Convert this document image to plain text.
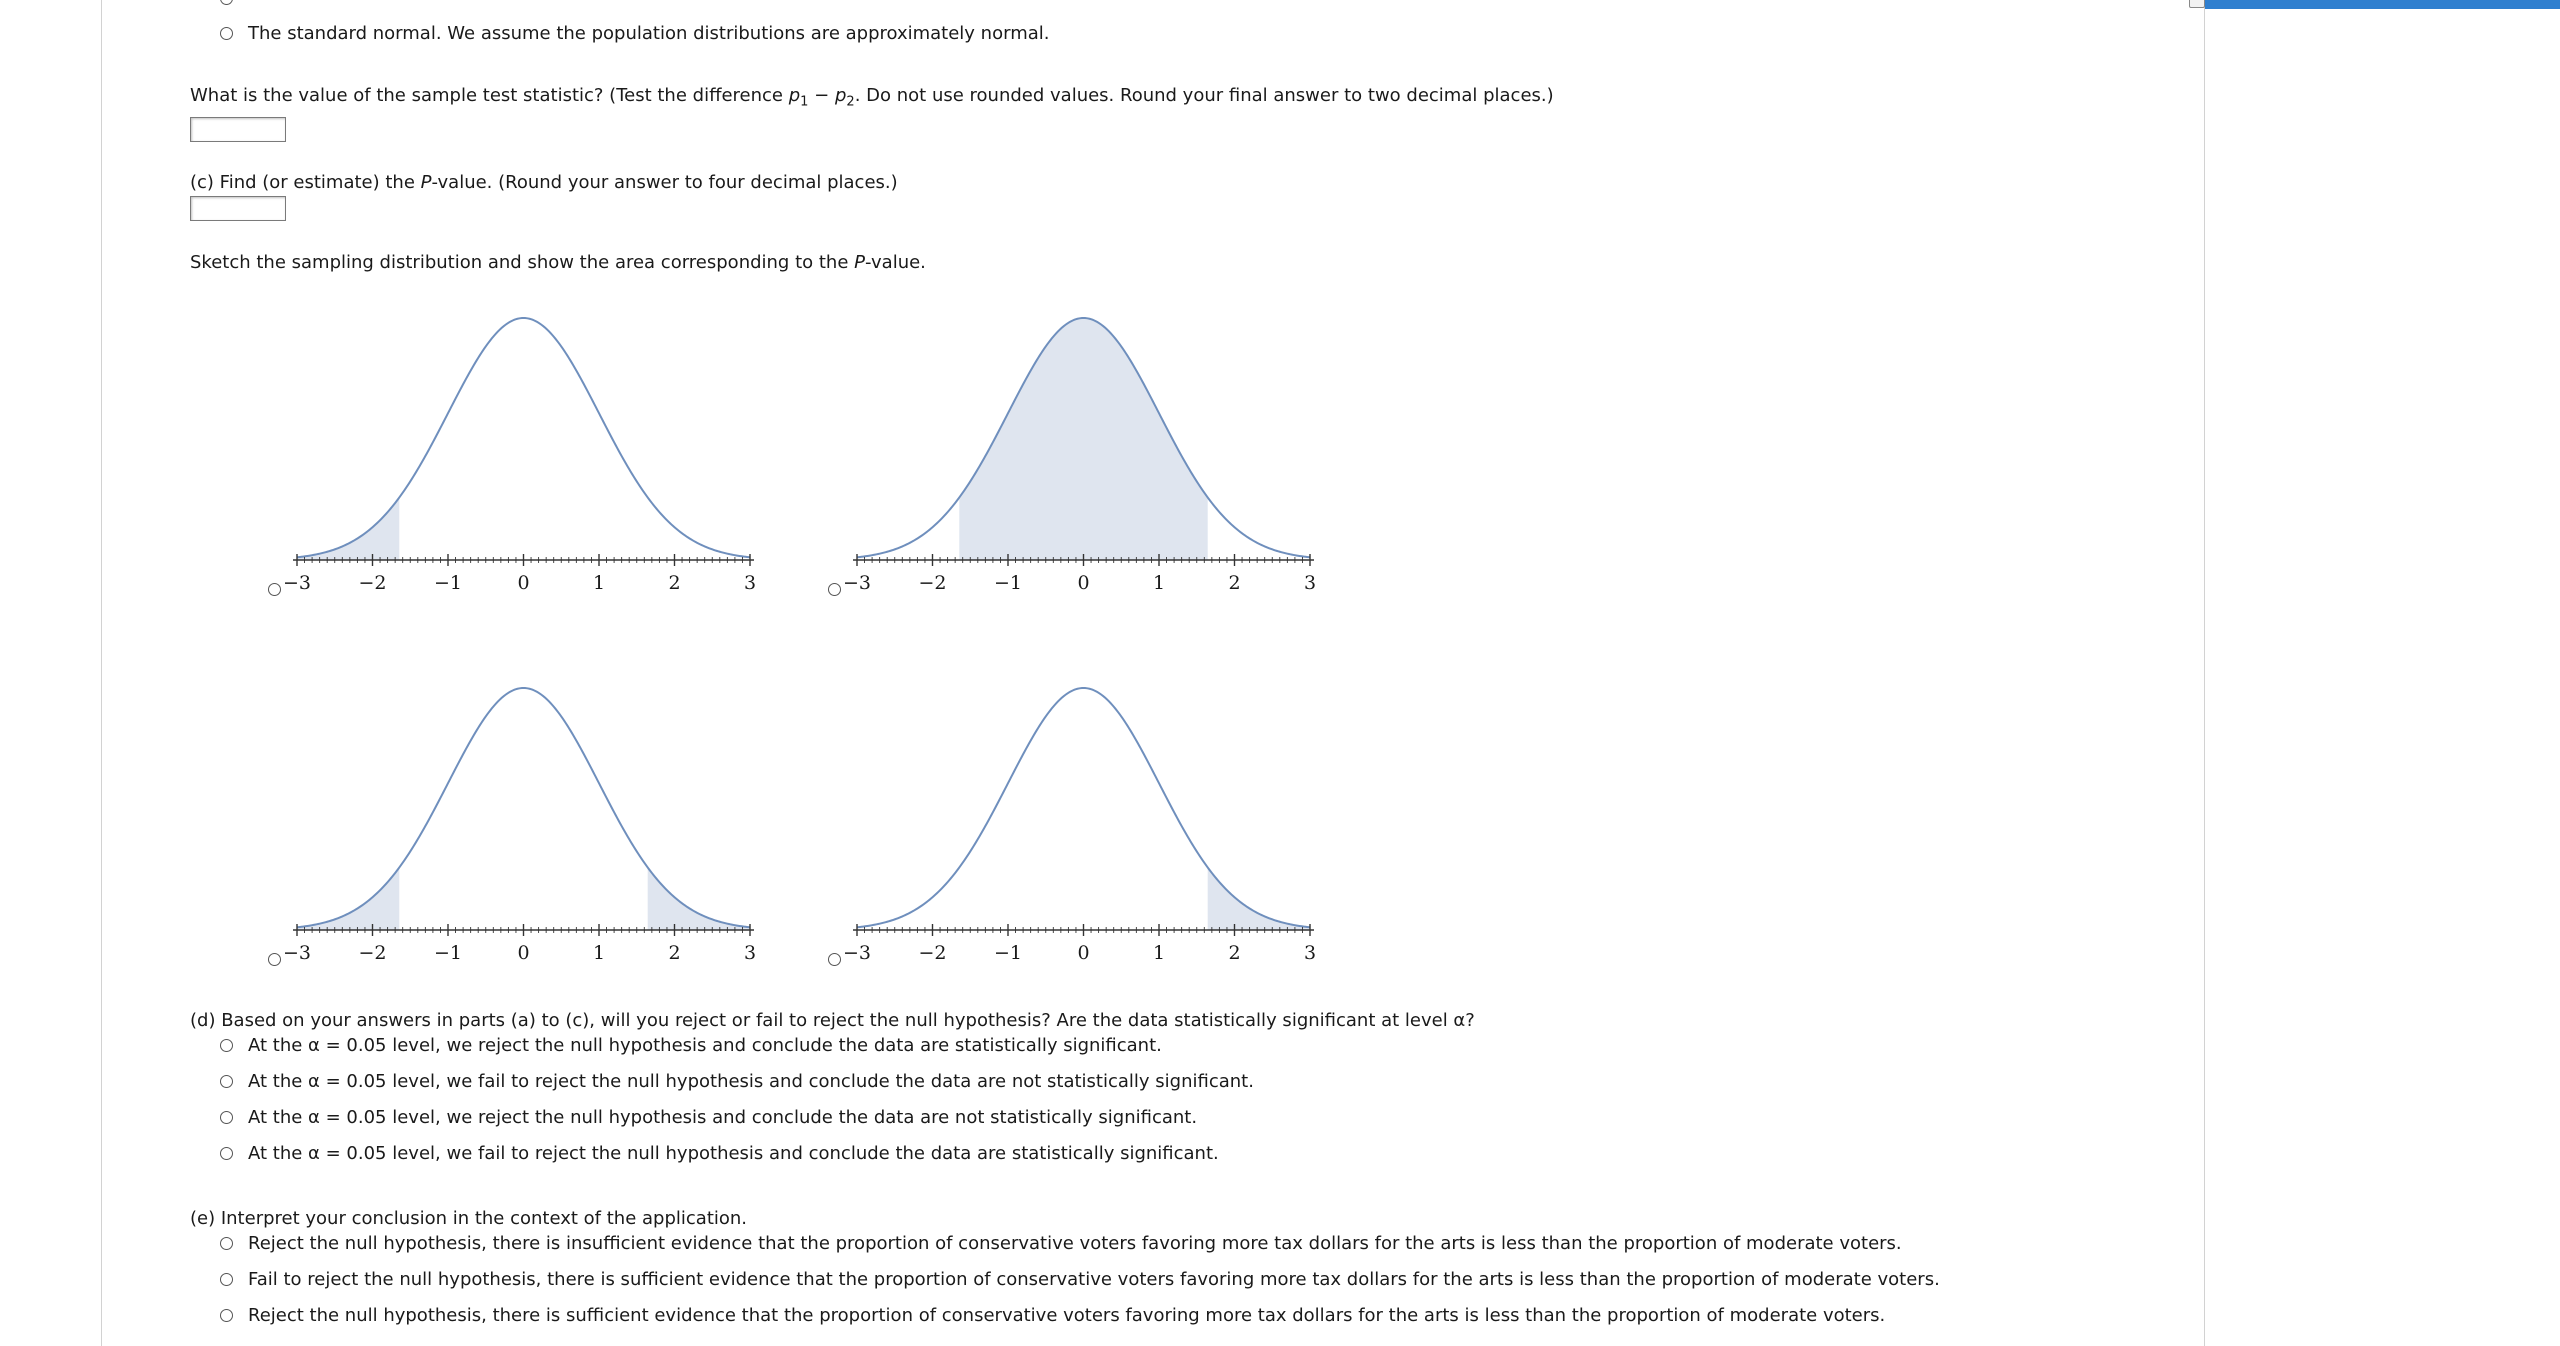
The standard normal. We assume the population distributions are approximately normal.
What is the value of the sample test statistic? (Test the difference $p_1 - p_2$. Do not use rounded values. Round your final answer to two decimal places.)
(c) Find (or estimate) the P-value. (Round your answer to four decimal places.)
Sketch the sampling distribution and show the area corresponding to the P-value.
−3 −2 −1	0	1	2	3	−3 −2 −1	0	1	2	3
−3 −2 −1	0	1	2	3	−3 −2 −1	0	1	2	3
(d) Based on your answers in parts (a) to (c), will you reject or fail to reject the null hypothesis? Are the data statistically significant at level α?
At the α = 0.05 level, we reject the null hypothesis and conclude the data are statistically significant.
At the α = 0.05 level, we fail to reject the null hypothesis and conclude the data are not statistically significant.
At the α = 0.05 level, we reject the null hypothesis and conclude the data are not statistically significant.
At the α = 0.05 level, we fail to reject the null hypothesis and conclude the data are statistically significant.
(e) Interpret your conclusion in the context of the application.
Reject the null hypothesis, there is insufficient evidence that the proportion of conservative voters favoring more tax dollars for the arts is less than the proportion of moderate voters.
Fail to reject the null hypothesis, there is sufficient evidence that the proportion of conservative voters favoring more tax dollars for the arts is less than the proportion of moderate voters.
Reject the null hypothesis, there is sufficient evidence that the proportion of conservative voters favoring more tax dollars for the arts is less than the proportion of moderate voters.
